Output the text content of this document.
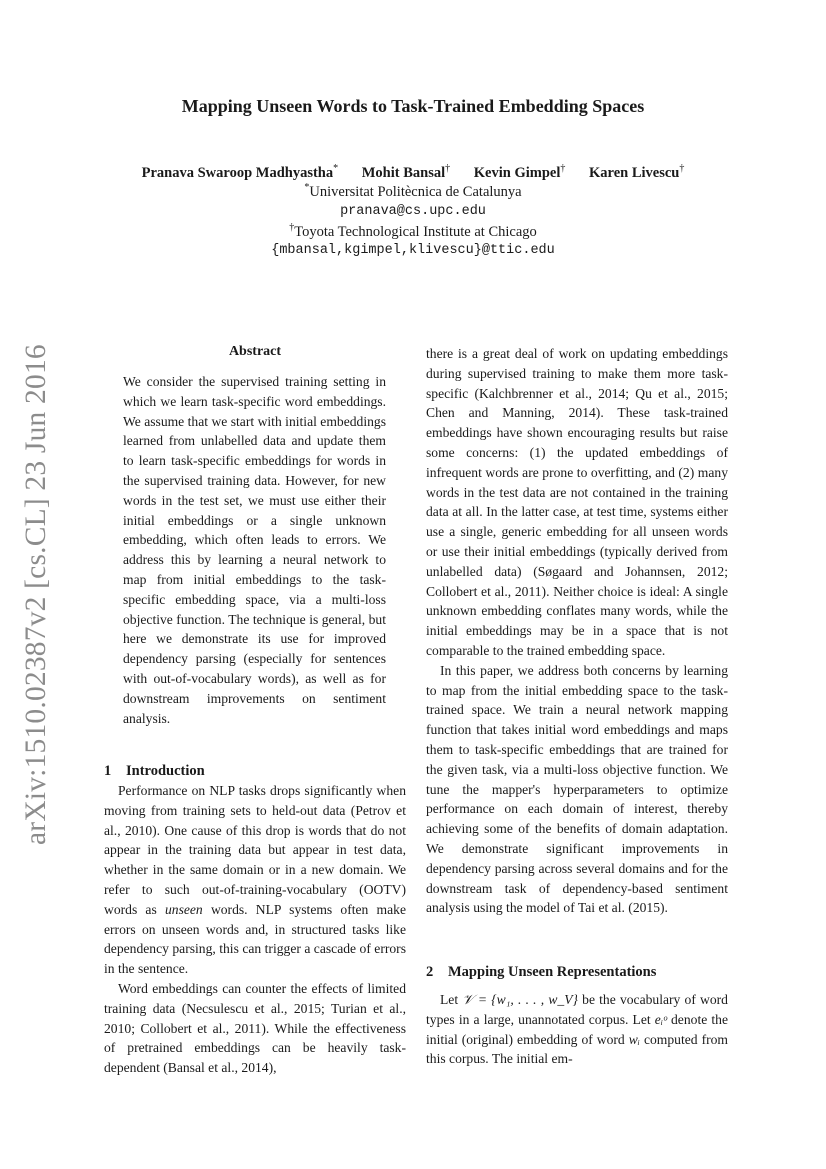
arXiv:1510.02387v2 [cs.CL] 23 Jun 2016
Mapping Unseen Words to Task-Trained Embedding Spaces
Pranava Swaroop Madhyastha* Mohit Bansal† Kevin Gimpel† Karen Livescu†
*Universitat Politècnica de Catalunya
pranava@cs.upc.edu
†Toyota Technological Institute at Chicago
{mbansal,kgimpel,klivescu}@ttic.edu
Abstract
We consider the supervised training setting in which we learn task-specific word embeddings. We assume that we start with initial embeddings learned from unlabelled data and update them to learn task-specific embeddings for words in the supervised training data. However, for new words in the test set, we must use either their initial embeddings or a single unknown embedding, which often leads to errors. We address this by learning a neural network to map from initial embeddings to the task-specific embedding space, via a multi-loss objective function. The technique is general, but here we demonstrate its use for improved dependency parsing (especially for sentences with out-of-vocabulary words), as well as for downstream improvements on sentiment analysis.
1 Introduction

Performance on NLP tasks drops significantly when moving from training sets to held-out data (Petrov et al., 2010). One cause of this drop is words that do not appear in the training data but appear in test data, whether in the same domain or in a new domain. We refer to such out-of-training-vocabulary (OOTV) words as unseen words. NLP systems often make errors on unseen words and, in structured tasks like dependency parsing, this can trigger a cascade of errors in the sentence.

Word embeddings can counter the effects of limited training data (Necsulescu et al., 2015; Turian et al., 2010; Collobert et al., 2011). While the effectiveness of pretrained embeddings can be heavily task-dependent (Bansal et al., 2014),

there is a great deal of work on updating embeddings during supervised training to make them more task-specific (Kalchbrenner et al., 2014; Qu et al., 2015; Chen and Manning, 2014). These task-trained embeddings have shown encouraging results but raise some concerns: (1) the updated embeddings of infrequent words are prone to overfitting, and (2) many words in the test data are not contained in the training data at all. In the latter case, at test time, systems either use a single, generic embedding for all unseen words or use their initial embeddings (typically derived from unlabelled data) (Søgaard and Johannsen, 2012; Collobert et al., 2011). Neither choice is ideal: A single unknown embedding conflates many words, while the initial embeddings may be in a space that is not comparable to the trained embedding space.

In this paper, we address both concerns by learning to map from the initial embedding space to the task-trained space. We train a neural network mapping function that takes initial word embeddings and maps them to task-specific embeddings that are trained for the given task, via a multi-loss objective function. We tune the mapper's hyperparameters to optimize performance on each domain of interest, thereby achieving some of the benefits of domain adaptation. We demonstrate significant improvements in dependency parsing across several domains and for the downstream task of dependency-based sentiment analysis using the model of Tai et al. (2015).

2 Mapping Unseen Representations

Let 𝒱 = {w₁, . . . , w_V} be the vocabulary of word types in a large, unannotated corpus. Let eᵢᵒ denote the initial (original) embedding of word wᵢ computed from this corpus. The initial em-
